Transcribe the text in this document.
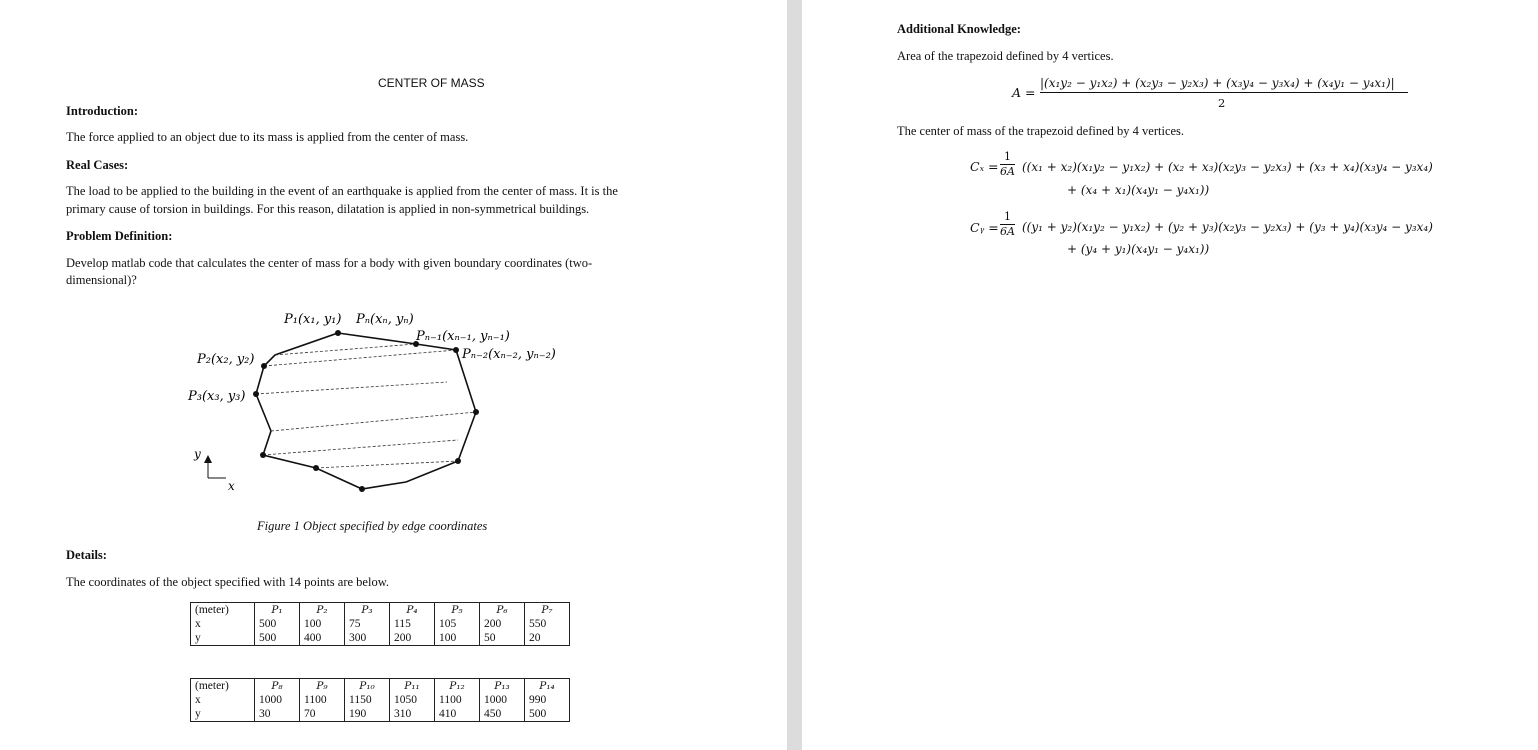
CENTER OF MASS
Introduction:
The force applied to an object due to its mass is applied from the center of mass.
Real Cases:
The load to be applied to the building in the event of an earthquake is applied from the center of mass. It is the
primary cause of torsion in buildings. For this reason, dilatation is applied in non-symmetrical buildings.
Problem Definition:
Develop matlab code that calculates the center of mass for a body with given boundary coordinates (two-
dimensional)?
P₁(x₁, y₁) Pₙ(xₙ, yₙ)
Pₙ₋₁(xₙ₋₁, yₙ₋₁)
Pₙ₋₂(xₙ₋₂, yₙ₋₂)
P₂(x₂, y₂)
P₃(x₃, y₃)
y
x
Figure 1 Object specified by edge coordinates
Details:
The coordinates of the object specified with 14 points are below.
(meter)	P₁	P₂	P₃	P₄	P₅	P₆	P₇
x	500	100	75	115	105	200	550
y	500	400	300	200	100	50	20
(meter)	P₈	P₉	P₁₀	P₁₁	P₁₂	P₁₃	P₁₄
x	1000	1100	1150	1050	1100	1000	990
y	30	70	190	310	410	450	500
Additional Knowledge:
Area of the trapezoid defined by 4 vertices.
A =
|(x₁y₂ − y₁x₂) + (x₂y₃ − y₂x₃) + (x₃y₄ − y₃x₄) + (x₄y₁ − y₄x₁)|
2
The center of mass of the trapezoid defined by 4 vertices.
$C_x = \frac{1}{6A} ((x_1 + x_2)(x_1y_2 - y_1x_2) + (x_2 + x_3)(x_2y_3 - y_2x_3) + (x_3 + x_4)(x_3y_4 - y_3x_4)$
+ (x₄ + x₁)(x₄y₁ − y₄x₁))
Cᵧ = $\frac{1}{6A} ((y_1 + y_2)(x_1y_2 - y_1x_2) + (y_2 + y_3)(x_2y_3 - y_2x_3) + (y_3 + y_4)(x_3y_4 - y_3x_4)$
+ (y₄ + y₁)(x₄y₁ − y₄x₁))
